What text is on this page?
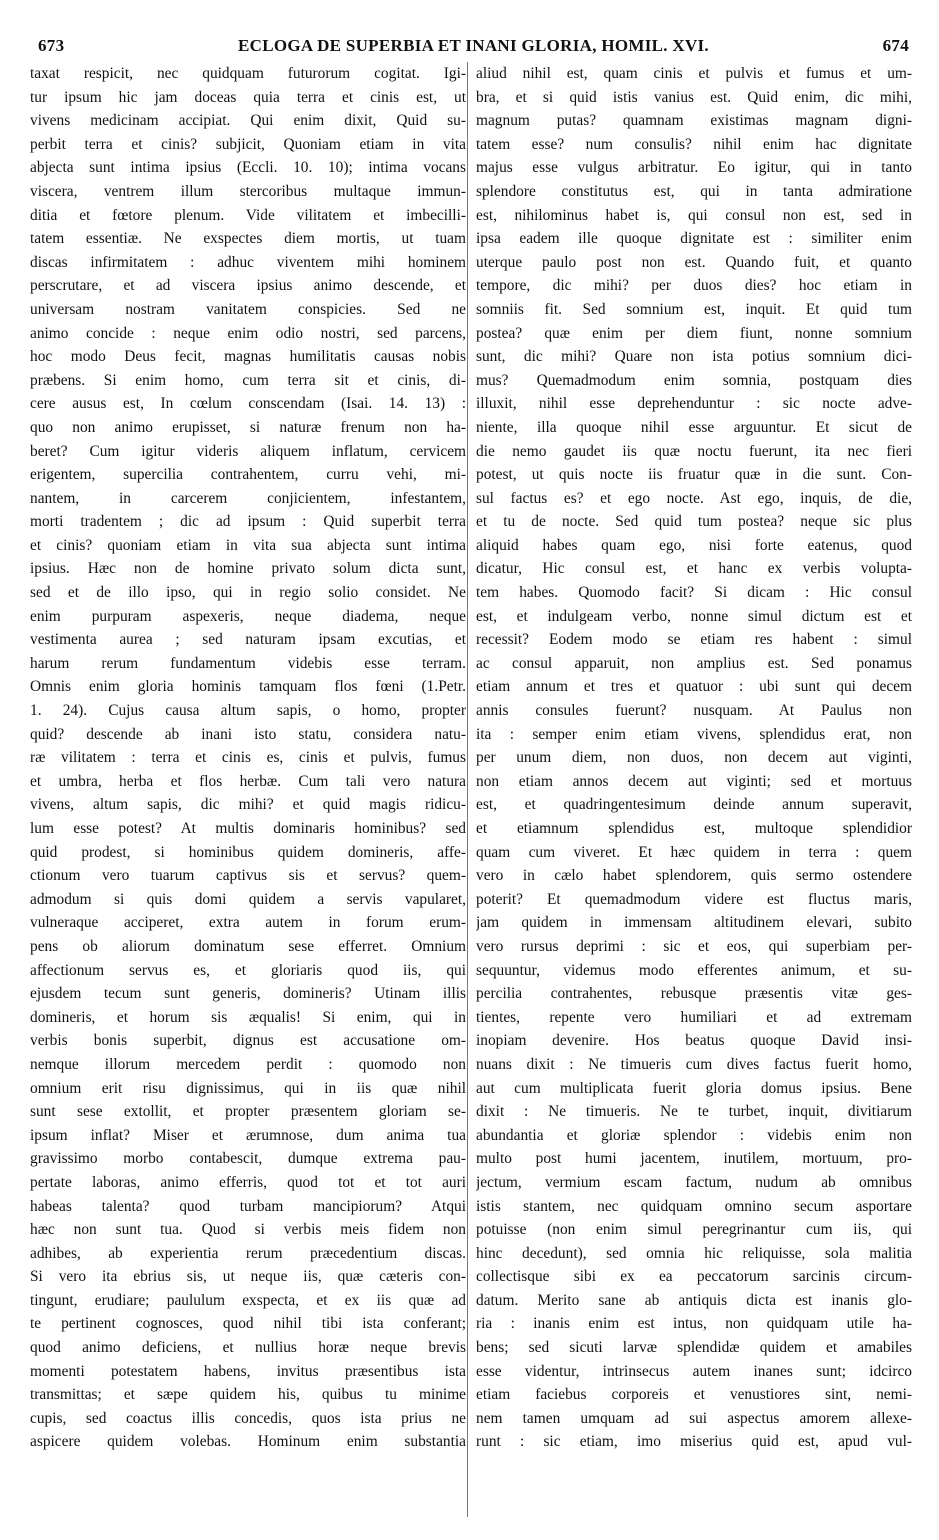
673	ECLOGA DE SUPERBIA ET INANI GLORIA, HOMIL. XVI.	674
taxat respicit, nec quidquam futurorum cogitat. Igi-
tur ipsum hic jam doceas quia terra et cinis est, ut
vivens medicinam accipiat. Qui enim dixit, Quid su-
perbit terra et cinis? subjicit, Quoniam etiam in vita
abjecta sunt intima ipsius (Eccli. 10. 10); intima vocans
viscera, ventrem illum stercoribus multaque immun-
ditia et fœtore plenum. Vide vilitatem et imbecilli-
tatem essentiæ. Ne exspectes diem mortis, ut tuam
discas infirmitatem : adhuc viventem mihi hominem
perscrutare, et ad viscera ipsius animo descende, et
universam nostram vanitatem conspicies. Sed ne
animo concide : neque enim odio nostri, sed parcens,
hoc modo Deus fecit, magnas humilitatis causas nobis
præbens. Si enim homo, cum terra sit et cinis, di-
cere ausus est, In cœlum conscendam (Isai. 14. 13) :
quo non animo erupisset, si naturæ frenum non ha-
beret? Cum igitur videris aliquem inflatum, cervicem
erigentem, supercilia contrahentem, curru vehi, mi-
nantem, in carcerem conjicientem, infestantem,
morti tradentem ; dic ad ipsum : Quid superbit terra
et cinis? quoniam etiam in vita sua abjecta sunt intima
ipsius. Hæc non de homine privato solum dicta sunt,
sed et de illo ipso, qui in regio solio considet. Ne
enim purpuram aspexeris, neque diadema, neque
vestimenta aurea ; sed naturam ipsam excutias, et
harum rerum fundamentum videbis esse terram.
Omnis enim gloria hominis tamquam flos fœni (1.Petr.
1. 24). Cujus causa altum sapis, o homo, propter
quid? descende ab inani isto statu, considera natu-
ræ vilitatem : terra et cinis es, cinis et pulvis, fumus
et umbra, herba et flos herbæ. Cum tali vero natura
vivens, altum sapis, dic mihi? et quid magis ridicu-
lum esse potest? At multis dominaris hominibus? sed
quid prodest, si hominibus quidem domineris, affe-
ctionum vero tuarum captivus sis et servus? quem-
admodum si quis domi quidem a servis vapularet,
vulneraque acciperet, extra autem in forum erum-
pens ob aliorum dominatum sese efferret. Omnium
affectionum servus es, et gloriaris quod iis, qui
ejusdem tecum sunt generis, domineris? Utinam illis
domineris, et horum sis æqualis! Si enim, qui in
verbis bonis superbit, dignus est accusatione om-
nemque illorum mercedem perdit : quomodo non
omnium erit risu dignissimus, qui in iis quæ nihil
sunt sese extollit, et propter præsentem gloriam se-
ipsum inflat? Miser et ærumnose, dum anima tua
gravissimo morbo contabescit, dumque extrema pau-
pertate laboras, animo efferris, quod tot et tot auri
habeas talenta? quod turbam mancipiorum? Atqui
hæc non sunt tua. Quod si verbis meis fidem non
adhibes, ab experientia rerum præcedentium discas.
Si vero ita ebrius sis, ut neque iis, quæ cæteris con-
tingunt, erudiare; paululum exspecta, et ex iis quæ ad
te pertinent cognosces, quod nihil tibi ista conferant;
quod animo deficiens, et nullius horæ neque brevis
momenti potestatem habens, invitus præsentibus ista
transmittas; et sæpe quidem his, quibus tu minime
cupis, sed coactus illis concedis, quos ista prius ne
aspicere quidem volebas. Hominum enim substantia
aliud nihil est, quam cinis et pulvis et fumus et um-
bra, et si quid istis vanius est. Quid enim, dic mihi,
magnum putas? quamnam existimas magnam digni-
tatem esse? num consulis? nihil enim hac dignitate
majus esse vulgus arbitratur. Eo igitur, qui in tanto
splendore constitutus est, qui in tanta admiratione
est, nihilominus habet is, qui consul non est, sed in
ipsa eadem ille quoque dignitate est : similiter enim
uterque paulo post non est. Quando fuit, et quanto
tempore, dic mihi? per duos dies? hoc etiam in
somniis fit. Sed somnium est, inquit. Et quid tum
postea? quæ enim per diem fiunt, nonne somnium
sunt, dic mihi? Quare non ista potius somnium dici-
mus? Quemadmodum enim somnia, postquam dies
illuxit, nihil esse deprehenduntur : sic nocte adve-
niente, illa quoque nihil esse arguuntur. Et sicut de
die nemo gaudet iis quæ noctu fuerunt, ita nec fieri
potest, ut quis nocte iis fruatur quæ in die sunt. Con-
sul factus es? et ego nocte. Ast ego, inquis, de die,
et tu de nocte. Sed quid tum postea? neque sic plus
aliquid habes quam ego, nisi forte eatenus, quod
dicatur, Hic consul est, et hanc ex verbis volupta-
tem habes. Quomodo facit? Si dicam : Hic consul
est, et indulgeam verbo, nonne simul dictum est et
recessit? Eodem modo se etiam res habent : simul
ac consul apparuit, non amplius est. Sed ponamus
etiam annum et tres et quatuor : ubi sunt qui decem
annis consules fuerunt? nusquam. At Paulus non
ita : semper enim etiam vivens, splendidus erat, non
per unum diem, non duos, non decem aut viginti,
non etiam annos decem aut viginti; sed et mortuus
est, et quadringentesimum deinde annum superavit,
et etiamnum splendidus est, multoque splendidior
quam cum viveret. Et hæc quidem in terra : quem
vero in cælo habet splendorem, quis sermo ostendere
poterit? Et quemadmodum videre est fluctus maris,
jam quidem in immensam altitudinem elevari, subito
vero rursus deprimi : sic et eos, qui superbiam per-
sequuntur, videmus modo efferentes animum, et su-
percilia contrahentes, rebusque præsentis vitæ ges-
tientes, repente vero humiliari et ad extremam
inopiam devenire. Hos beatus quoque David insi-
nuans dixit : Ne timueris cum dives factus fuerit homo,
aut cum multiplicata fuerit gloria domus ipsius. Bene
dixit : Ne timueris. Ne te turbet, inquit, divitiarum
abundantia et gloriæ splendor : videbis enim non
multo post humi jacentem, inutilem, mortuum, pro-
jectum, vermium escam factum, nudum ab omnibus
istis stantem, nec quidquam omnino secum asportare
potuisse (non enim simul peregrinantur cum iis, qui
hinc decedunt), sed omnia hic reliquisse, sola malitia
collectisque sibi ex ea peccatorum sarcinis circum-
datum. Merito sane ab antiquis dicta est inanis glo-
ria : inanis enim est intus, non quidquam utile ha-
bens; sed sicuti larvæ splendidæ quidem et amabiles
esse videntur, intrinsecus autem inanes sunt; idcirco
etiam faciebus corporeis et venustiores sint, nemi-
nem tamen umquam ad sui aspectus amorem allexe-
runt : sic etiam, imo miserius quid est, apud vul-
